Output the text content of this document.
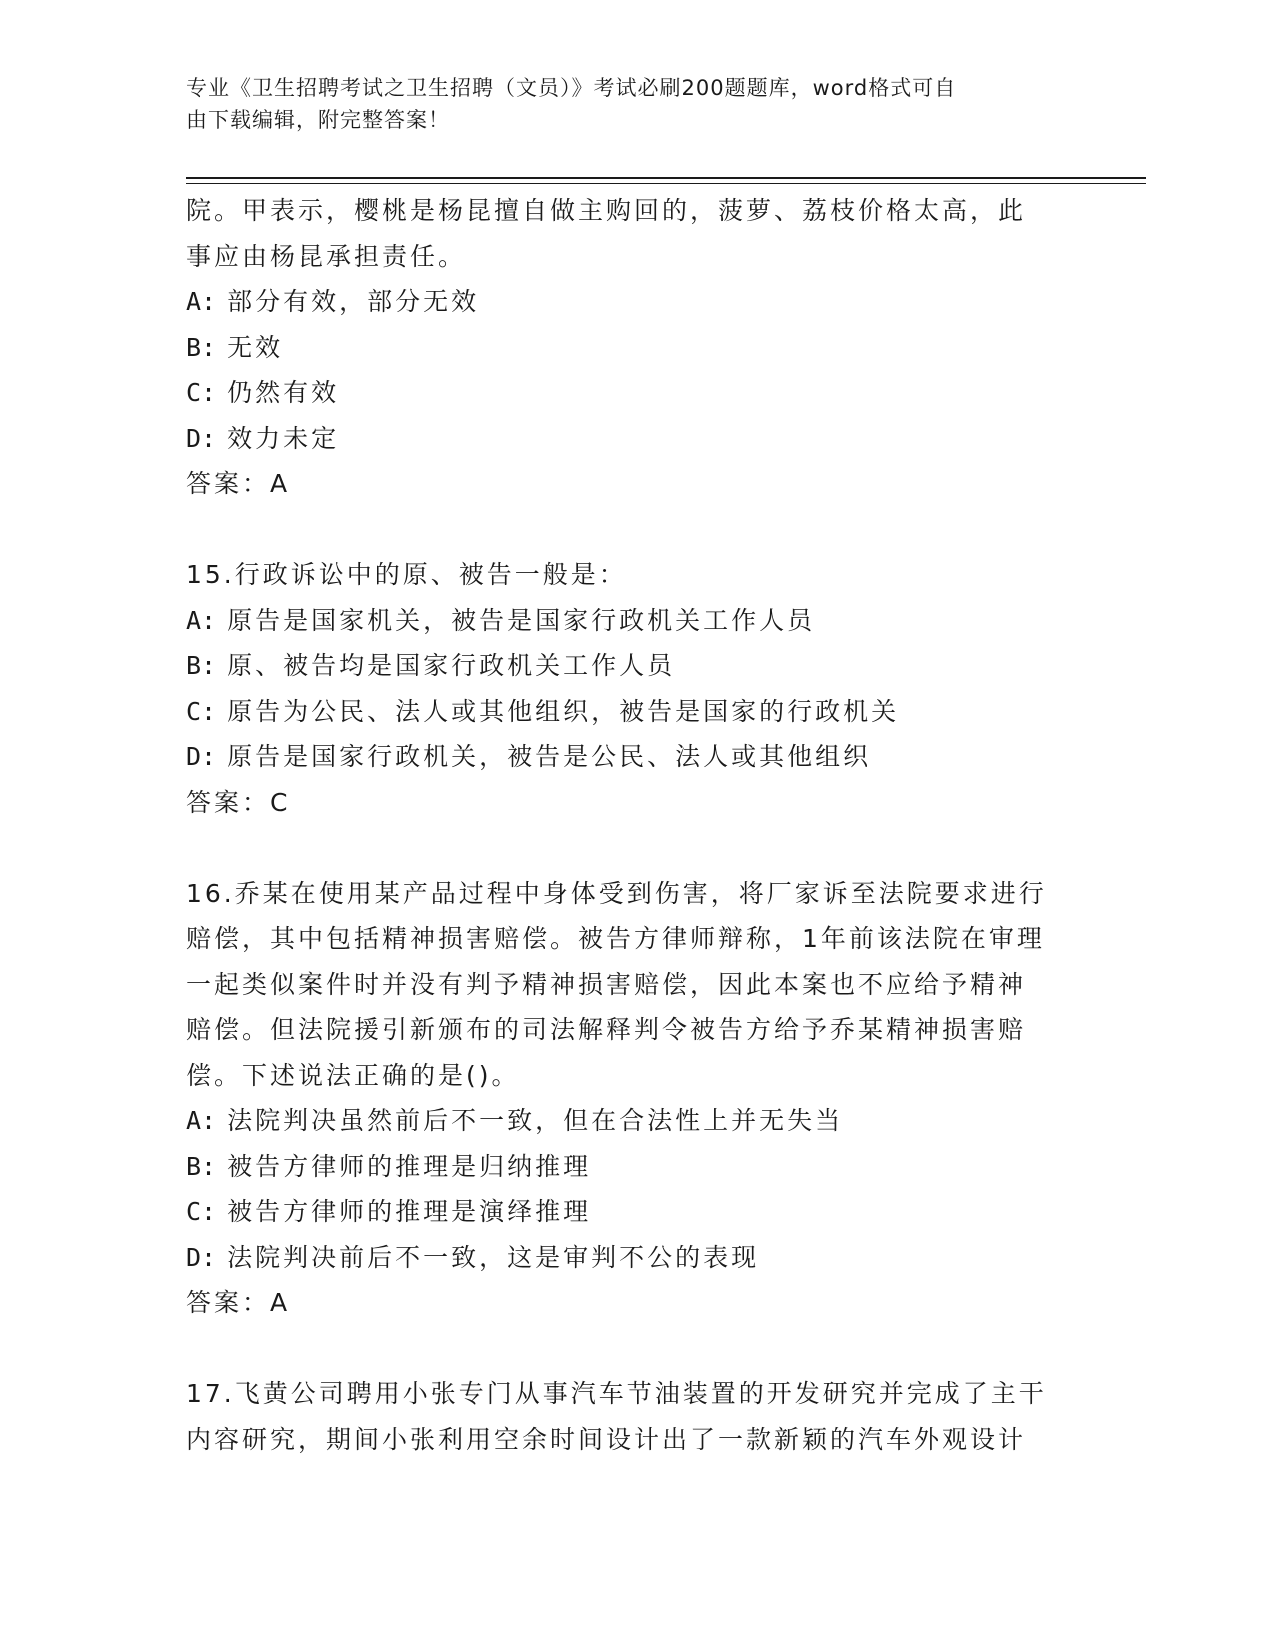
专业《卫生招聘考试之卫生招聘（文员）》考试必刷200题题库，word格式可自
由下载编辑，附完整答案！
院。甲表示，樱桃是杨昆擅自做主购回的，菠萝、荔枝价格太高，此
事应由杨昆承担责任。
A: 部分有效，部分无效
B: 无效
C: 仍然有效
D: 效力未定
答案：A
15.行政诉讼中的原、被告一般是：
A: 原告是国家机关，被告是国家行政机关工作人员
B: 原、被告均是国家行政机关工作人员
C: 原告为公民、法人或其他组织，被告是国家的行政机关
D: 原告是国家行政机关，被告是公民、法人或其他组织
答案：C
16.乔某在使用某产品过程中身体受到伤害，将厂家诉至法院要求进行
赔偿，其中包括精神损害赔偿。被告方律师辩称，1年前该法院在审理
一起类似案件时并没有判予精神损害赔偿，因此本案也不应给予精神
赔偿。但法院援引新颁布的司法解释判令被告方给予乔某精神损害赔
偿。下述说法正确的是()。
A: 法院判决虽然前后不一致，但在合法性上并无失当
B: 被告方律师的推理是归纳推理
C: 被告方律师的推理是演绎推理
D: 法院判决前后不一致，这是审判不公的表现
答案：A
17.飞黄公司聘用小张专门从事汽车节油装置的开发研究并完成了主干
内容研究，期间小张利用空余时间设计出了一款新颖的汽车外观设计
